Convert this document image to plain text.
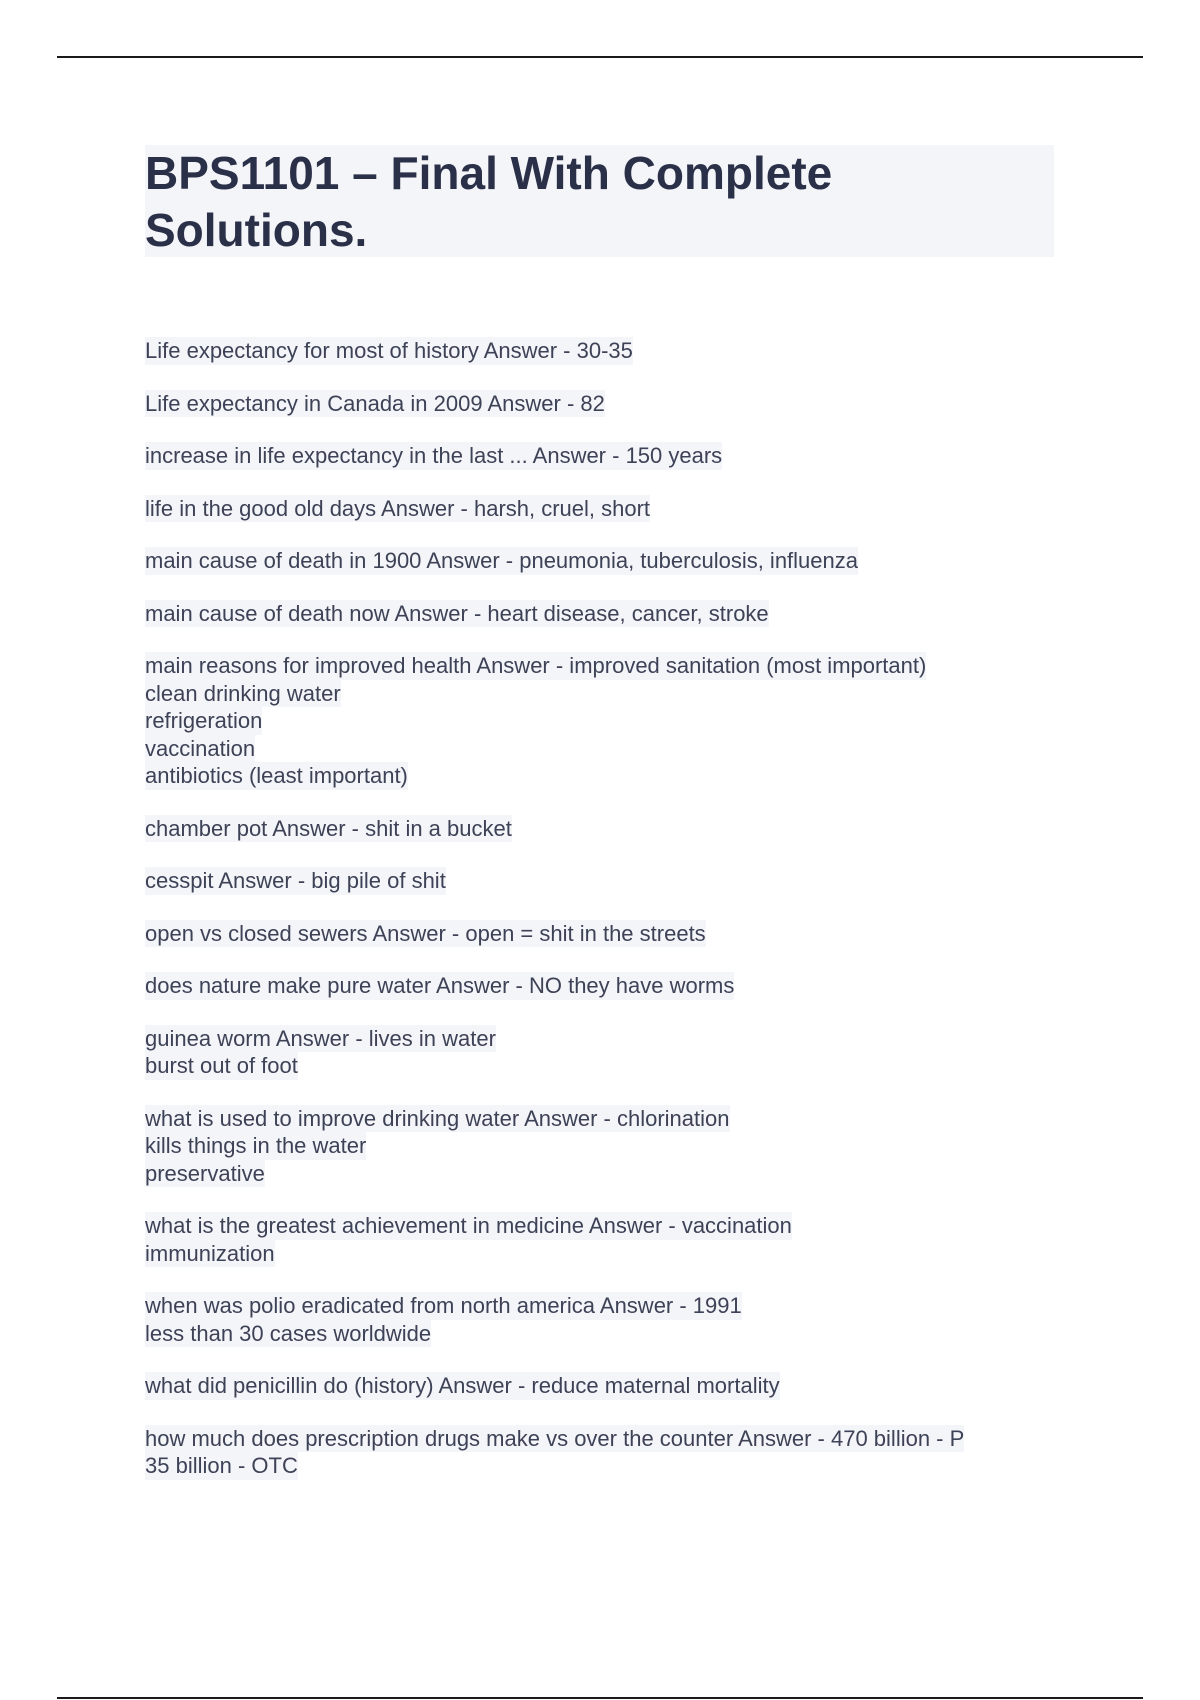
BPS1101 – Final With Complete
Solutions.
Life expectancy for most of history Answer - 30-35
Life expectancy in Canada in 2009 Answer - 82
increase in life expectancy in the last ... Answer - 150 years
life in the good old days Answer - harsh, cruel, short
main cause of death in 1900 Answer - pneumonia, tuberculosis, influenza
main cause of death now Answer - heart disease, cancer, stroke
main reasons for improved health Answer - improved sanitation (most important)
clean drinking water
refrigeration
vaccination
antibiotics (least important)
chamber pot Answer - shit in a bucket
cesspit Answer - big pile of shit
open vs closed sewers Answer - open = shit in the streets
does nature make pure water Answer - NO they have worms
guinea worm Answer - lives in water
burst out of foot
what is used to improve drinking water Answer - chlorination
kills things in the water
preservative
what is the greatest achievement in medicine Answer - vaccination
immunization
when was polio eradicated from north america Answer - 1991
less than 30 cases worldwide
what did penicillin do (history) Answer - reduce maternal mortality
how much does prescription drugs make vs over the counter Answer - 470 billion - P
35 billion - OTC
